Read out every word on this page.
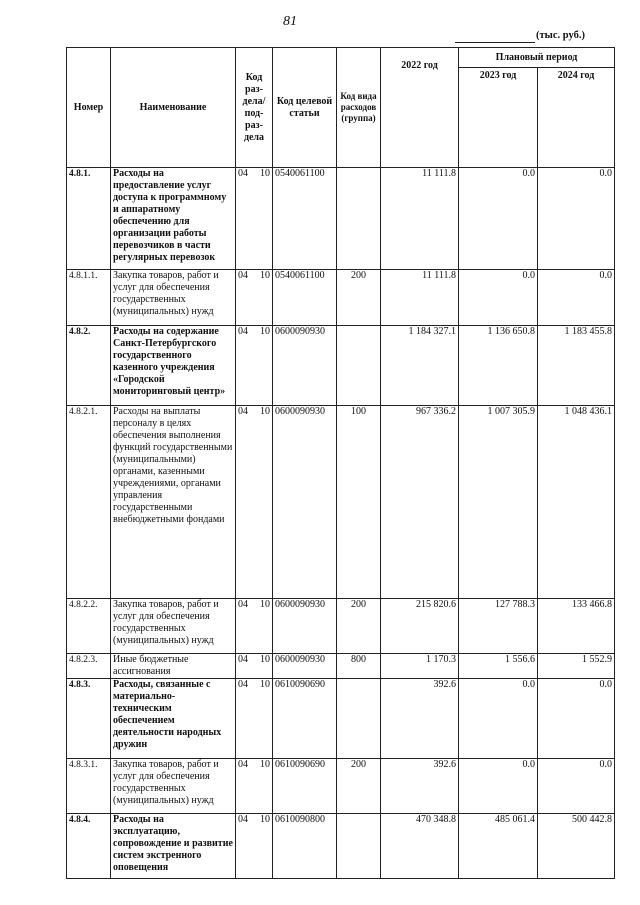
81
(тыс. руб.)
Номер	Наименование	Код раз-дела/ под-раз-дела	Код целевой статьи	Код вида расходов (группа)	2022 год	Плановый период	
						2023 год	2024 год
4.8.1.	Расходы на предоставление услуг доступа к программному и аппаратному обеспечению для организации работы перевозчиков в части регулярных перевозок	04 10	0540061100		11 111.8	0.0	0.0
4.8.1.1.	Закупка товаров, работ и услуг для обеспечения государственных (муниципальных) нужд	04 10	0540061100	200	11 111.8	0.0	0.0
4.8.2.	Расходы на содержание Санкт-Петербургского государственного казенного учреждения «Городской мониторинговый центр»	04 10	0600090930		1 184 327.1	1 136 650.8	1 183 455.8
4.8.2.1.	Расходы на выплаты персоналу в целях обеспечения выполнения функций государственными (муниципальными) органами, казенными учреждениями, органами управления государственными внебюджетными фондами	04 10	0600090930	100	967 336.2	1 007 305.9	1 048 436.1
4.8.2.2.	Закупка товаров, работ и услуг для обеспечения государственных (муниципальных) нужд	04 10	0600090930	200	215 820.6	127 788.3	133 466.8
4.8.2.3.	Иные бюджетные ассигнования	04 10	0600090930	800	1 170.3	1 556.6	1 552.9
4.8.3.	Расходы, связанные с материально-техническим обеспечением деятельности народных дружин	04 10	0610090690		392.6	0.0	0.0
4.8.3.1.	Закупка товаров, работ и услуг для обеспечения государственных (муниципальных) нужд	04 10	0610090690	200	392.6	0.0	0.0
4.8.4.	Расходы на эксплуатацию, сопровождение и развитие систем экстренного оповещения	04 10	0610090800		470 348.8	485 061.4	500 442.8
